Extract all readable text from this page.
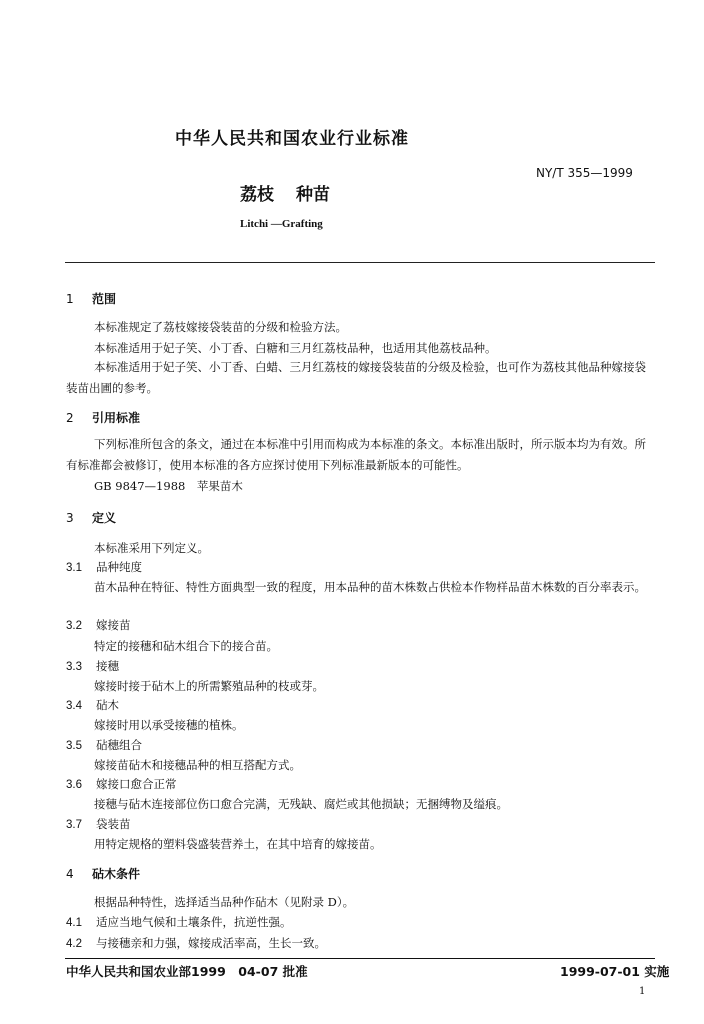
中华人民共和国农业行业标准
NY/T 355—1999
荔枝 种苗
Litchi —Grafting
1 范围
本标准规定了荔枝嫁接袋装苗的分级和检验方法。
本标准适用于妃子笑、小丁香、白糖和三月红荔枝品种，也适用其他荔枝品种。
本标准适用于妃子笑、小丁香、白蜡、三月红荔枝的嫁接袋装苗的分级及检验，也可作为荔枝其他品种嫁接袋装苗出圃的参考。
2 引用标准
下列标准所包含的条文，通过在本标准中引用而构成为本标准的条文。本标准出版时，所示版本均为有效。所有标准都会被修订，使用本标准的各方应探讨使用下列标准最新版本的可能性。
GB 9847—1988　苹果苗木
3 定义
本标准采用下列定义。
3.1 品种纯度
苗木品种在特征、特性方面典型一致的程度，用本品种的苗木株数占供检本作物样品苗木株数的百分率表示。
3.2 嫁接苗
特定的接穗和砧木组合下的接合苗。
3.3 接穗
嫁接时接于砧木上的所需繁殖品种的枝或芽。
3.4 砧木
嫁接时用以承受接穗的植株。
3.5 砧穗组合
嫁接苗砧木和接穗品种的相互搭配方式。
3.6 嫁接口愈合正常
接穗与砧木连接部位伤口愈合完满，无残缺、腐烂或其他损缺；无捆缚物及缢痕。
3.7 袋装苗
用特定规格的塑料袋盛装营养土，在其中培育的嫁接苗。
4 砧木条件
根据品种特性，选择适当品种作砧木（见附录 D）。
4.1 适应当地气候和土壤条件，抗逆性强。
4.2 与接穗亲和力强，嫁接成活率高，生长一致。
中华人民共和国农业部1999　04-07 批准	1999-07-01 实施
1
